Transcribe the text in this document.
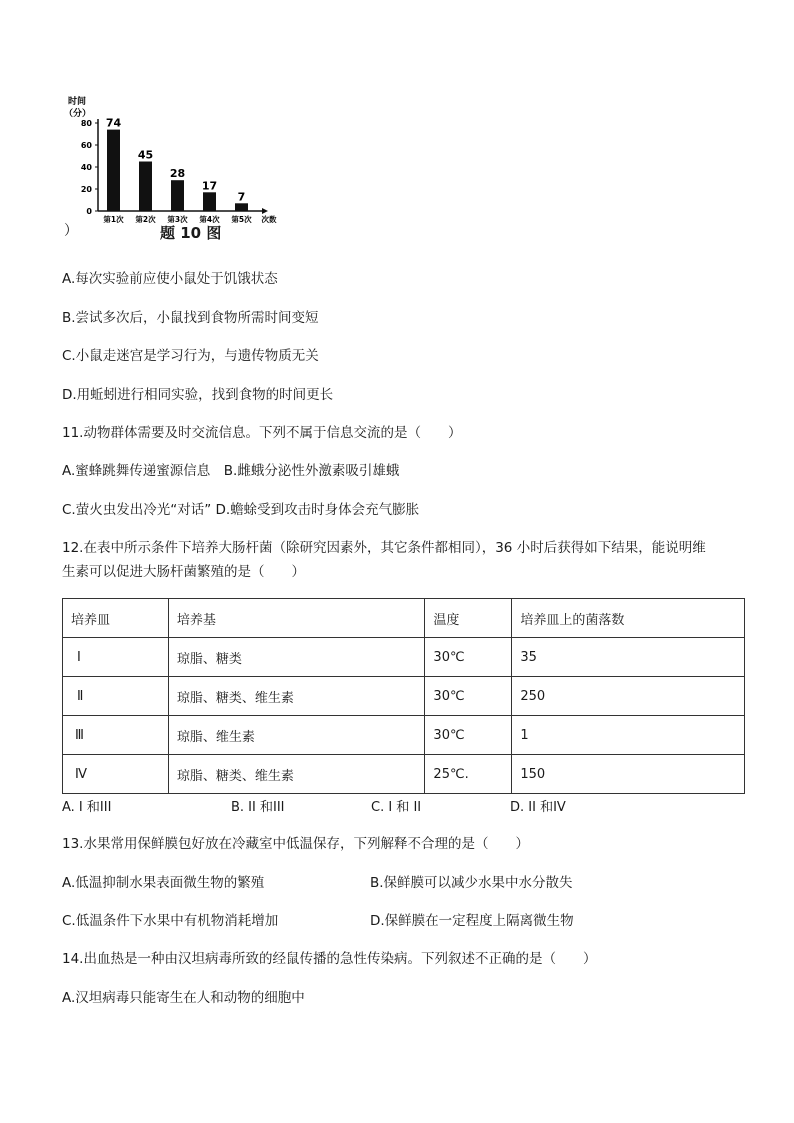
时间
（分）
0
20
40
60
80 74
第1次
45
第2次
28
第3次
17
第4次
7
第5次 次数
）	题 10 图
A.每次实验前应使小鼠处于饥饿状态
B.尝试多次后，小鼠找到食物所需时间变短
C.小鼠走迷宫是学习行为，与遗传物质无关
D.用蚯蚓进行相同实验，找到食物的时间更长
11.动物群体需要及时交流信息。下列不属于信息交流的是（　　）
A.蜜蜂跳舞传递蜜源信息　B.雌蛾分泌性外激素吸引雄蛾
C.萤火虫发出冷光“对话” D.蟾蜍受到攻击时身体会充气膨胀
12.在表中所示条件下培养大肠杆菌（除研究因素外，其它条件都相同），36 小时后获得如下结果，能说明维
生素可以促进大肠杆菌繁殖的是（　　）
培养皿	培养基	温度	培养皿上的菌落数
Ⅰ	琼脂、糖类	30℃	35
Ⅱ	琼脂、糖类、维生素	30℃	250
Ⅲ	琼脂、维生素	30℃	1
Ⅳ	琼脂、糖类、维生素	25℃.	150
A. I 和III	B. II 和III	C. I 和 II	D. II 和IV
13.水果常用保鲜膜包好放在冷藏室中低温保存，下列解释不合理的是（　　）
A.低温抑制水果表面微生物的繁殖	B.保鲜膜可以减少水果中水分散失
C.低温条件下水果中有机物消耗增加	D.保鲜膜在一定程度上隔离微生物
14.出血热是一种由汉坦病毒所致的经鼠传播的急性传染病。下列叙述不正确的是（　　）
A.汉坦病毒只能寄生在人和动物的细胞中
